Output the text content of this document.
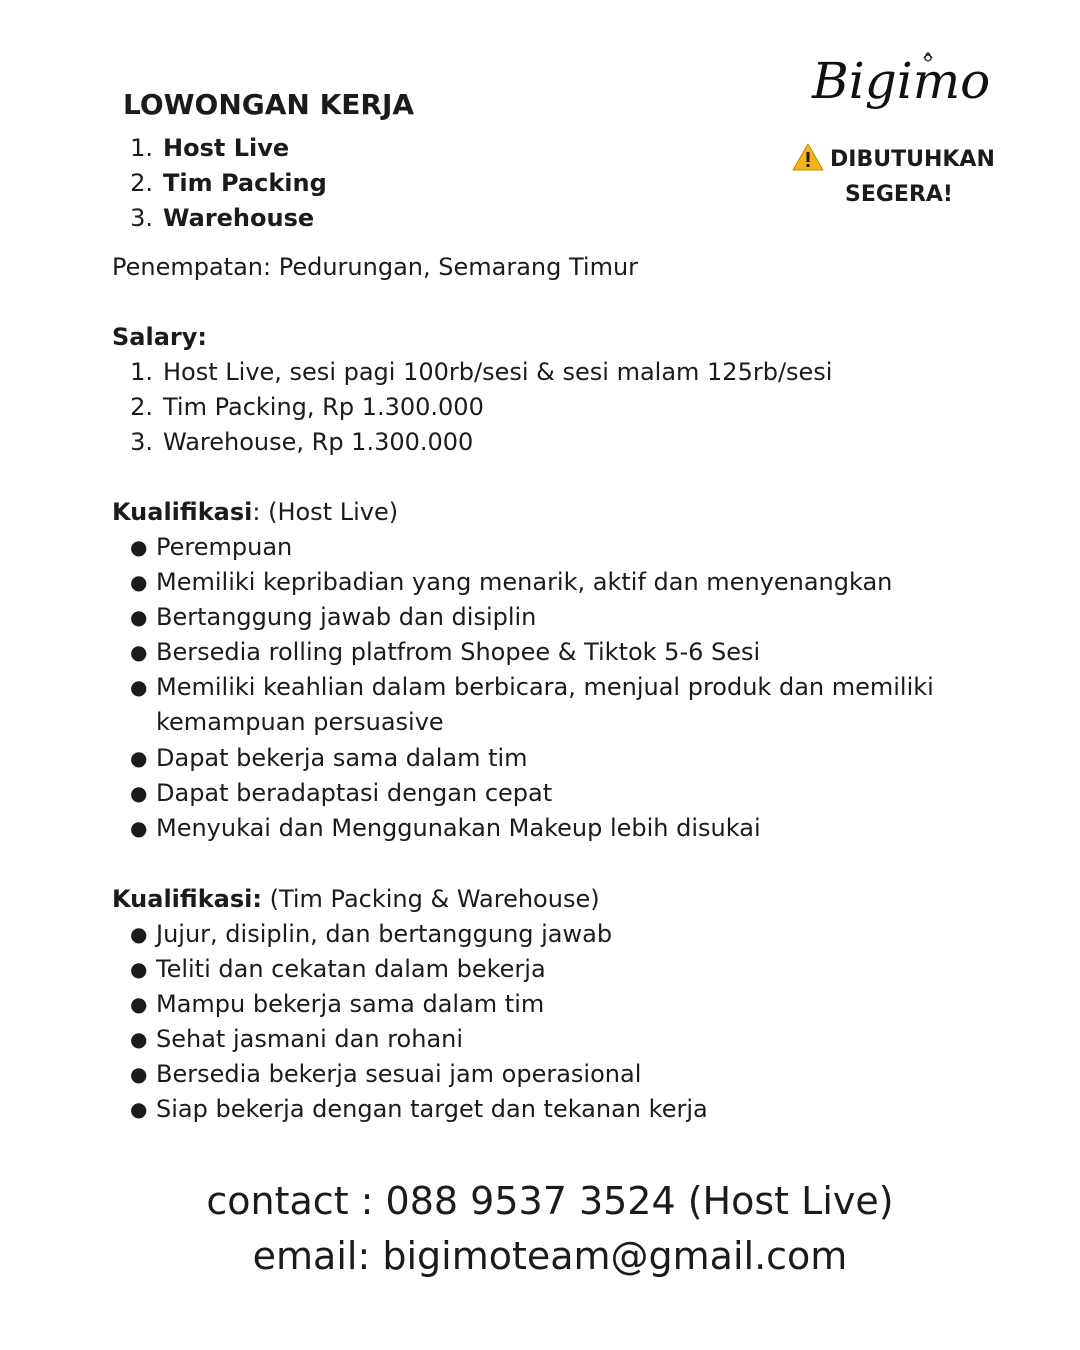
LOWONGAN KERJA
1. Host Live
2. Tim Packing
3. Warehouse
Bigimo
DIBUTUHKAN
SEGERA!
Penempatan: Pedurungan, Semarang Timur
Salary:
1. Host Live, sesi pagi 100rb/sesi & sesi malam 125rb/sesi
2. Tim Packing, Rp 1.300.000
3. Warehouse, Rp 1.300.000
Kualifikasi: (Host Live)
● Perempuan
● Memiliki kepribadian yang menarik, aktif dan menyenangkan
● Bertanggung jawab dan disiplin
● Bersedia rolling platfrom Shopee & Tiktok 5-6 Sesi
● Memiliki keahlian dalam berbicara, menjual produk dan memiliki
kemampuan persuasive
● Dapat bekerja sama dalam tim
● Dapat beradaptasi dengan cepat
● Menyukai dan Menggunakan Makeup lebih disukai
Kualifikasi: (Tim Packing & Warehouse)
● Jujur, disiplin, dan bertanggung jawab
● Teliti dan cekatan dalam bekerja
● Mampu bekerja sama dalam tim
● Sehat jasmani dan rohani
● Bersedia bekerja sesuai jam operasional
● Siap bekerja dengan target dan tekanan kerja
contact : 088 9537 3524 (Host Live)
email: bigimoteam@gmail.com
